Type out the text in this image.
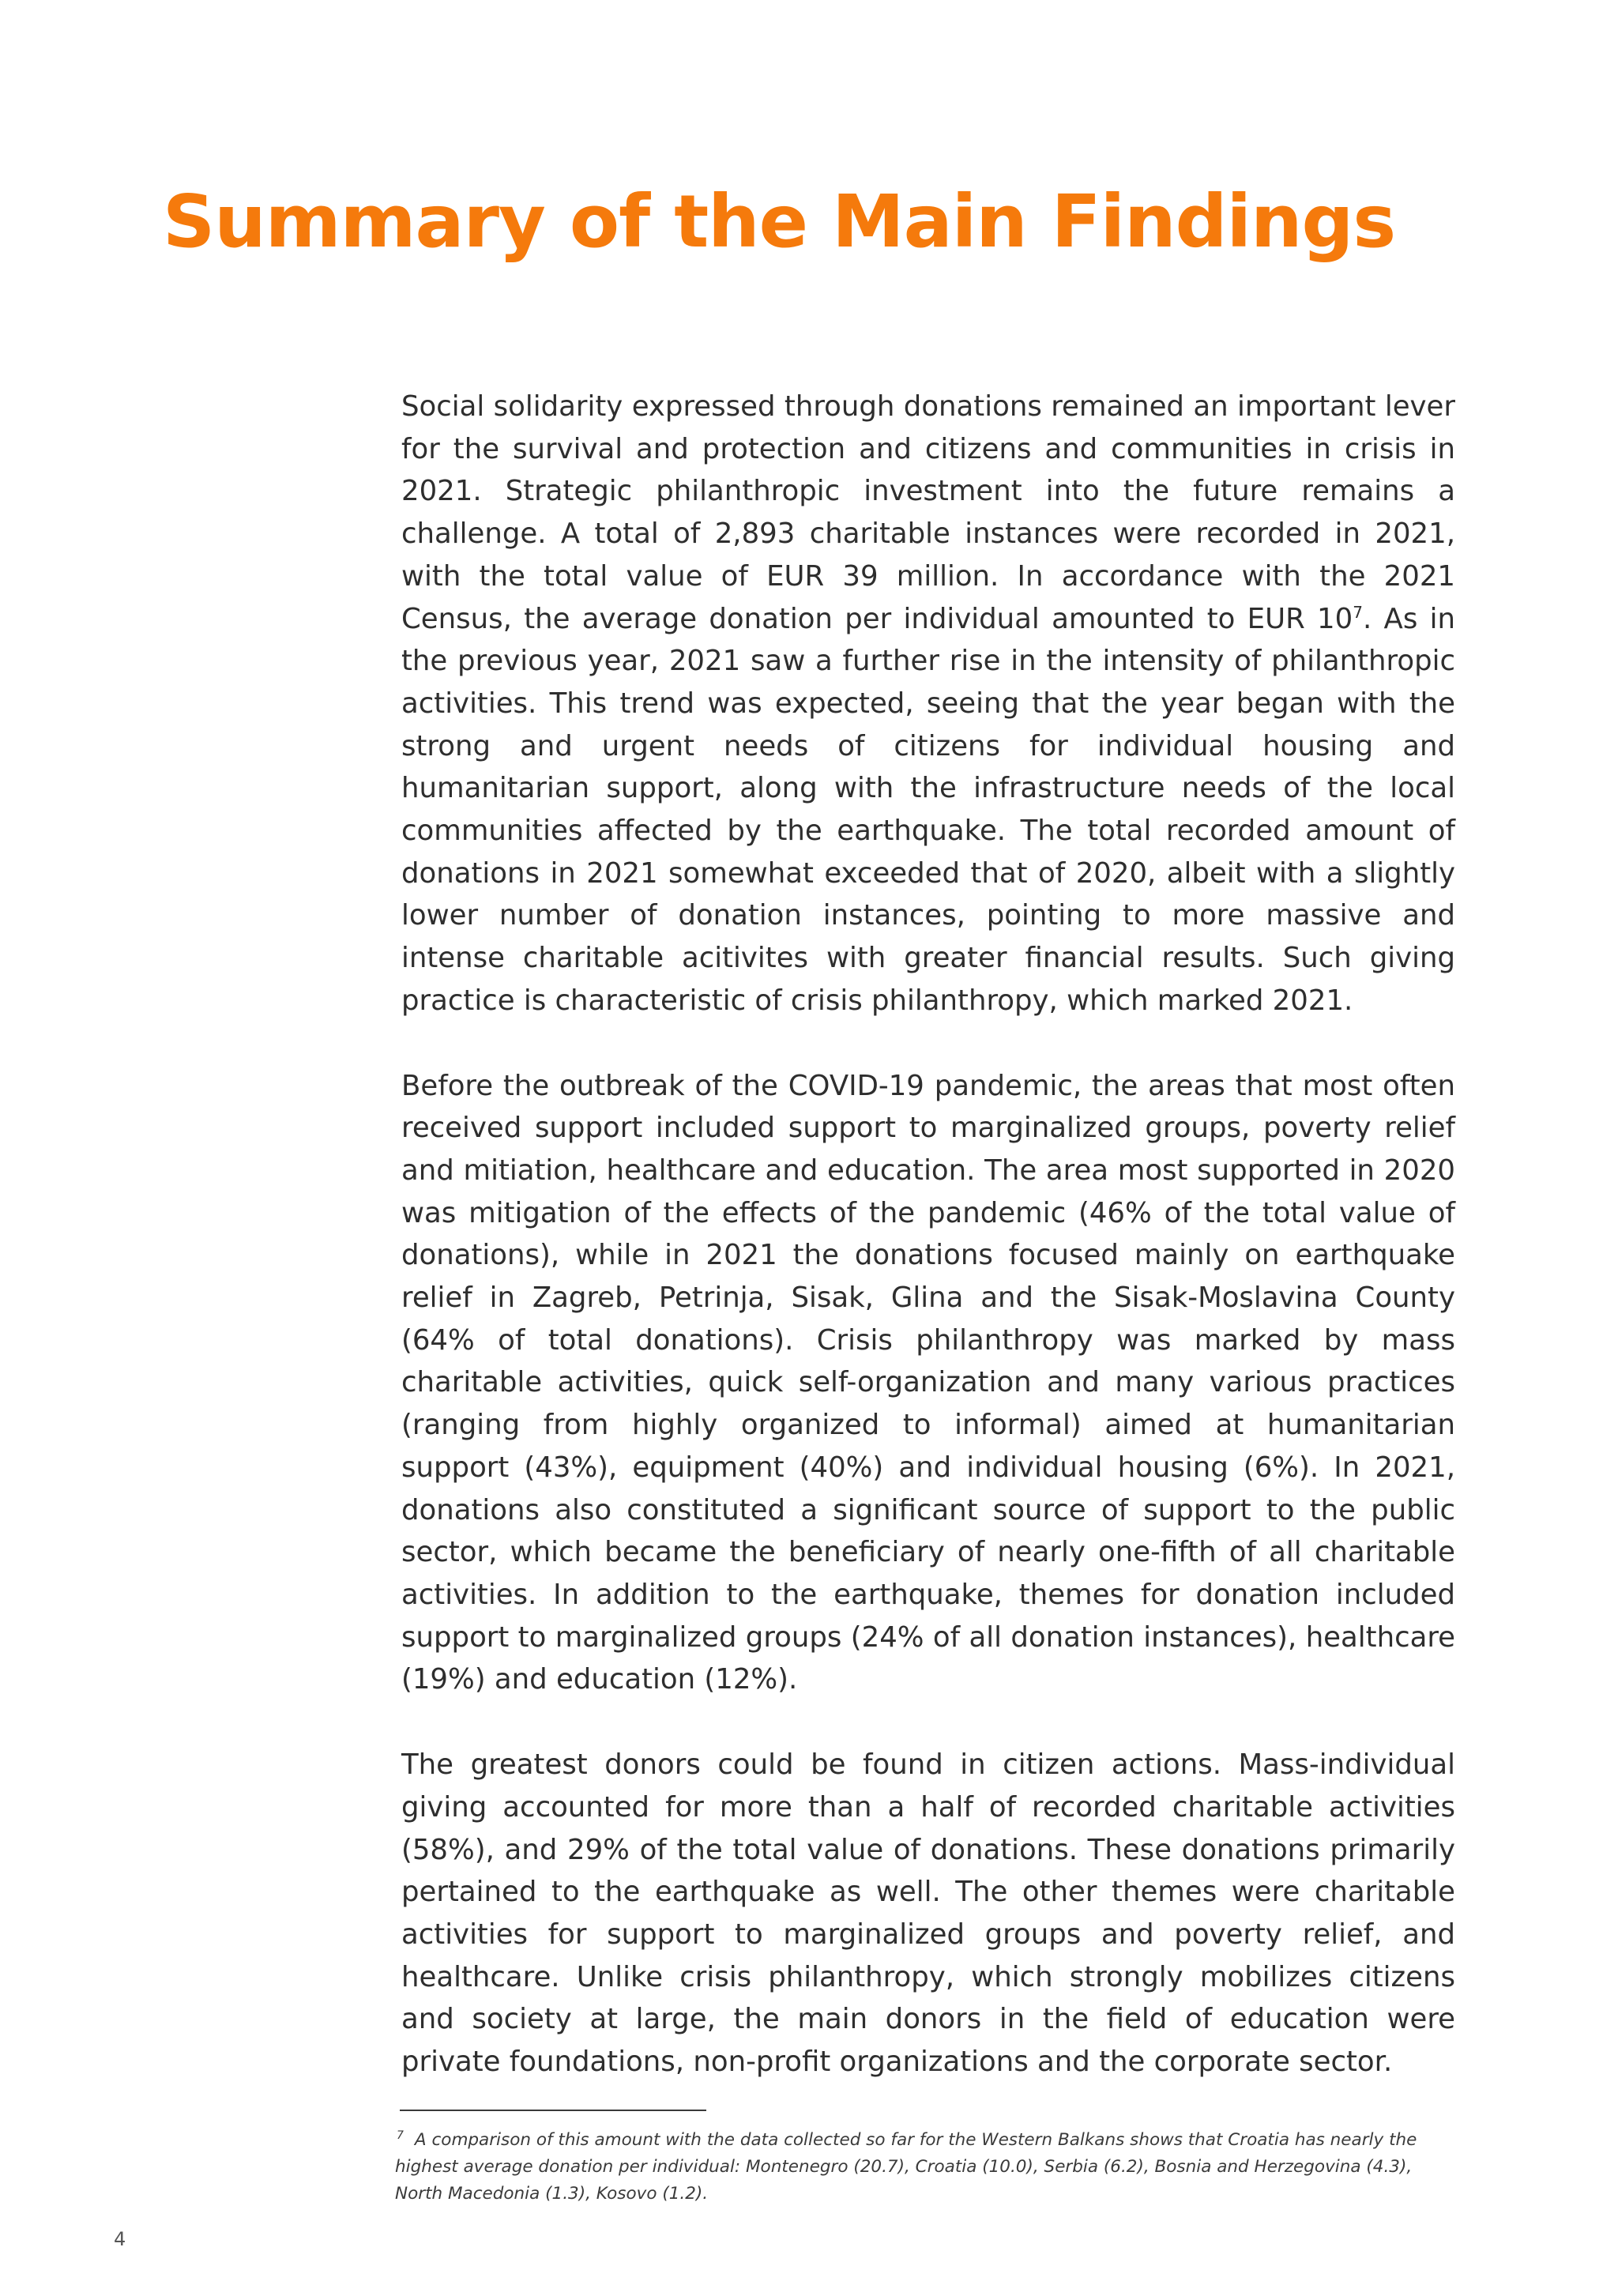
Summary of the Main Findings

Social solidarity expressed through donations remained an important lever for the survival and protection and citizens and communities in crisis in 2021. Strategic philanthropic investment into the future remains a challenge. A total of 2,893 charitable instances were recorded in 2021, with the total value of EUR 39 million. In accordance with the 2021 Census, the average donation per individual amounted to EUR $10^7$. As in the previous year, 2021 saw a further rise in the intensity of philanthropic activities. This trend was expected, seeing that the year began with the strong and urgent needs of citizens for individual housing and humanitarian support, along with the infrastructure needs of the local communities affected by the earthquake. The total recorded amount of donations in 2021 somewhat exceeded that of 2020, albeit with a slightly lower number of donation instances, pointing to more massive and intense charitable acitivites with greater financial results. Such giving practice is characteristic of crisis philanthropy, which marked 2021.

Before the outbreak of the COVID-19 pandemic, the areas that most often received support included support to marginalized groups, poverty relief and mitiation, healthcare and education. The area most supported in 2020 was mitigation of the effects of the pandemic (46% of the total value of donations), while in 2021 the donations focused mainly on earthquake relief in Zagreb, Petrinja, Sisak, Glina and the Sisak-Moslavina County (64% of total donations). Crisis philanthropy was marked by mass charitable activities, quick self-organization and many various practices (ranging from highly organized to informal) aimed at humanitarian support (43%), equipment (40%) and individual housing (6%). In 2021, donations also constituted a significant source of support to the public sector, which became the beneficiary of nearly one-fifth of all charitable activities. In addition to the earthquake, themes for donation included support to marginalized groups (24% of all donation instances), healthcare (19%) and education (12%).

The greatest donors could be found in citizen actions. Mass-individual giving accounted for more than a half of recorded charitable activities (58%), and 29% of the total value of donations. These donations primarily pertained to the earthquake as well. The other themes were charitable activities for support to marginalized groups and poverty relief, and healthcare. Unlike crisis philanthropy, which strongly mobilizes citizens and society at large, the main donors in the field of education were private foundations, non-profit organizations and the corporate sector.

$^7$ A comparison of this amount with the data collected so far for the Western Balkans shows that Croatia has nearly the highest average donation per individual: Montenegro (20.7), Croatia (10.0), Serbia (6.2), Bosnia and Herzegovina (4.3), North Macedonia (1.3), Kosovo (1.2).
4
